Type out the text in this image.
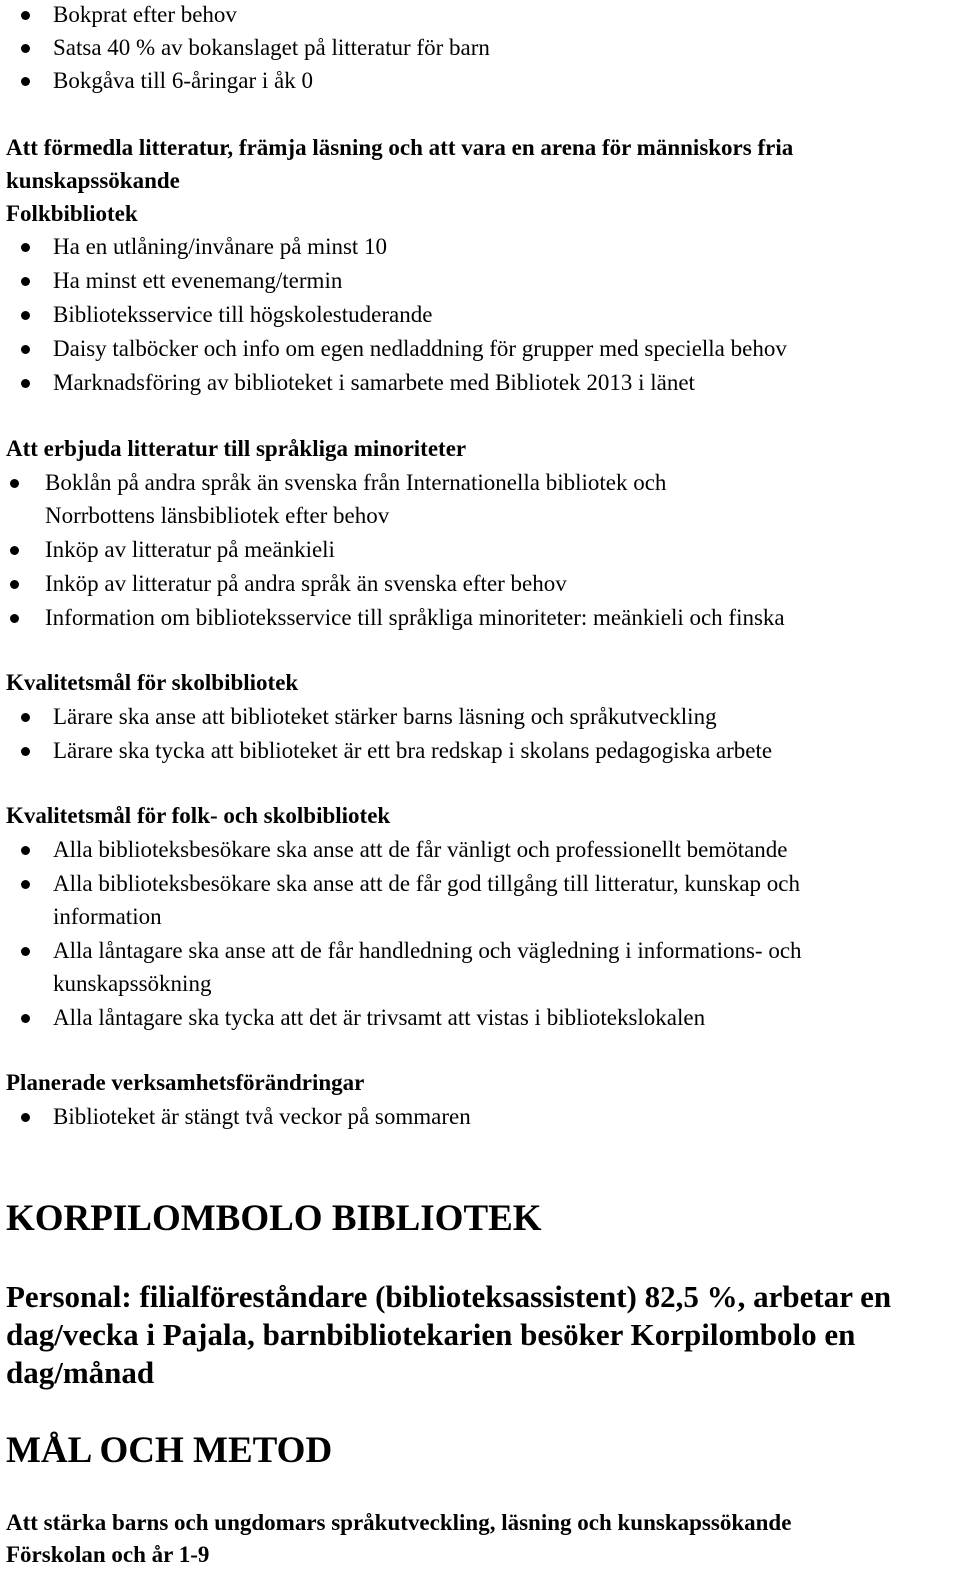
Bokprat efter behov
Satsa 40 % av bokanslaget på litteratur för barn
Bokgåva till 6-åringar i åk 0
Att förmedla litteratur, främja läsning och att vara en arena för människors fria
kunskapssökande
Folkbibliotek
Ha en utlåning/invånare på minst 10
Ha minst ett evenemang/termin
Biblioteksservice till högskolestuderande
Daisy talböcker och info om egen nedladdning för grupper med speciella behov
Marknadsföring av biblioteket i samarbete med Bibliotek 2013 i länet
Att erbjuda litteratur till språkliga minoriteter
Boklån på andra språk än svenska från Internationella bibliotek och
Norrbottens länsbibliotek efter behov
Inköp av litteratur på meänkieli
Inköp av litteratur på andra språk än svenska efter behov
Information om biblioteksservice till språkliga minoriteter: meänkieli och finska
Kvalitetsmål för skolbibliotek
Lärare ska anse att biblioteket stärker barns läsning och språkutveckling
Lärare ska tycka att biblioteket är ett bra redskap i skolans pedagogiska arbete
Kvalitetsmål för folk- och skolbibliotek
Alla biblioteksbesökare ska anse att de får vänligt och professionellt bemötande
Alla biblioteksbesökare ska anse att de får god tillgång till litteratur, kunskap och
information
Alla låntagare ska anse att de får handledning och vägledning i informations- och
kunskapssökning
Alla låntagare ska tycka att det är trivsamt att vistas i bibliotekslokalen
Planerade verksamhetsförändringar
Biblioteket är stängt två veckor på sommaren
KORPILOMBOLO BIBLIOTEK
Personal: filialföreståndare (biblioteksassistent) 82,5 %, arbetar en
dag/vecka i Pajala, barnbibliotekarien besöker Korpilombolo en
dag/månad
MÅL OCH METOD
Att stärka barns och ungdomars språkutveckling, läsning och kunskapssökande
Förskolan och år 1-9
